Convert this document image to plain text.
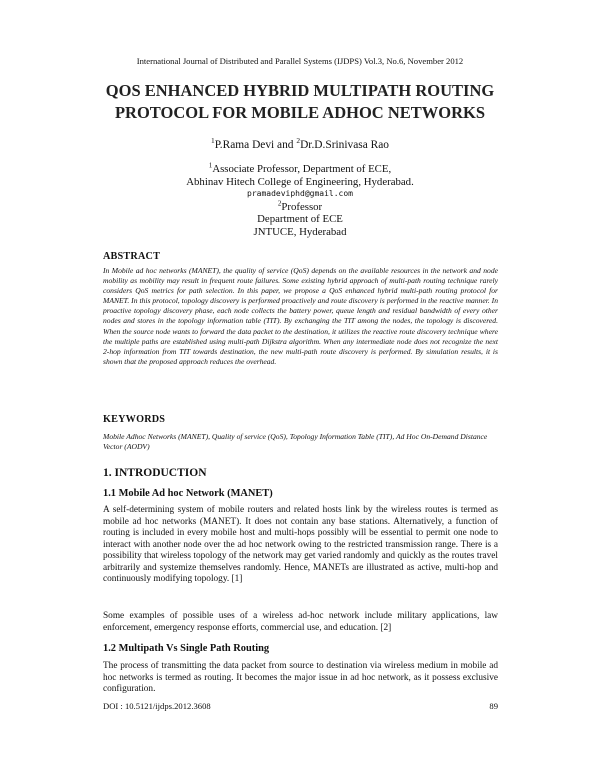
International Journal of Distributed and Parallel Systems (IJDPS) Vol.3, No.6, November 2012
QOS ENHANCED HYBRID MULTIPATH ROUTING
PROTOCOL FOR MOBILE ADHOC NETWORKS
$^1$P.Rama Devi and $^2$Dr.D.Srinivasa Rao
$^1$Associate Professor, Department of ECE,
Abhinav Hitech College of Engineering, Hyderabad.
pramadeviphd@gmail.com
$^2$Professor
Department of ECE
JNTUCE, Hyderabad
ABSTRACT
In Mobile ad hoc networks (MANET), the quality of service (QoS) depends on the available resources in the network and node mobility as mobility may result in frequent route failures. Some existing hybrid approach of multi-path routing technique rarely considers QoS metrics for path selection. In this paper, we propose a QoS enhanced hybrid multi-path routing protocol for MANET. In this protocol, topology discovery is performed proactively and route discovery is performed in the reactive manner. In proactive topology discovery phase, each node collects the battery power, queue length and residual bandwidth of every other nodes and stores in the topology information table (TIT). By exchanging the TIT among the nodes, the topology is discovered. When the source node wants to forward the data packet to the destination, it utilizes the reactive route discovery technique where the multiple paths are established using multi-path Dijkstra algorithm. When any intermediate node does not recognize the next 2-hop information from TIT towards destination, the new multi-path route discovery is performed. By simulation results, it is shown that the proposed approach reduces the overhead.
KEYWORDS
Mobile Adhoc Networks (MANET), Quality of service (QoS), Topology Information Table (TIT), Ad Hoc On-Demand Distance Vector (AODV)
1. INTRODUCTION
1.1 Mobile Ad hoc Network (MANET)
A self-determining system of mobile routers and related hosts link by the wireless routes is termed as mobile ad hoc networks (MANET). It does not contain any base stations. Alternatively, a function of routing is included in every mobile host and multi-hops possibly will be essential to permit one node to interact with another node over the ad hoc network owing to the restricted transmission range. There is a possibility that wireless topology of the network may get varied randomly and quickly as the routes travel arbitrarily and systemize themselves randomly. Hence, MANETs are illustrated as active, multi-hop and continuously modifying topology. [1]
Some examples of possible uses of a wireless ad-hoc network include military applications, law enforcement, emergency response efforts, commercial use, and education. [2]
1.2 Multipath Vs Single Path Routing
The process of transmitting the data packet from source to destination via wireless medium in mobile ad hoc networks is termed as routing. It becomes the major issue in ad hoc network, as it possess exclusive configuration.
DOI : 10.5121/ijdps.2012.3608	89
